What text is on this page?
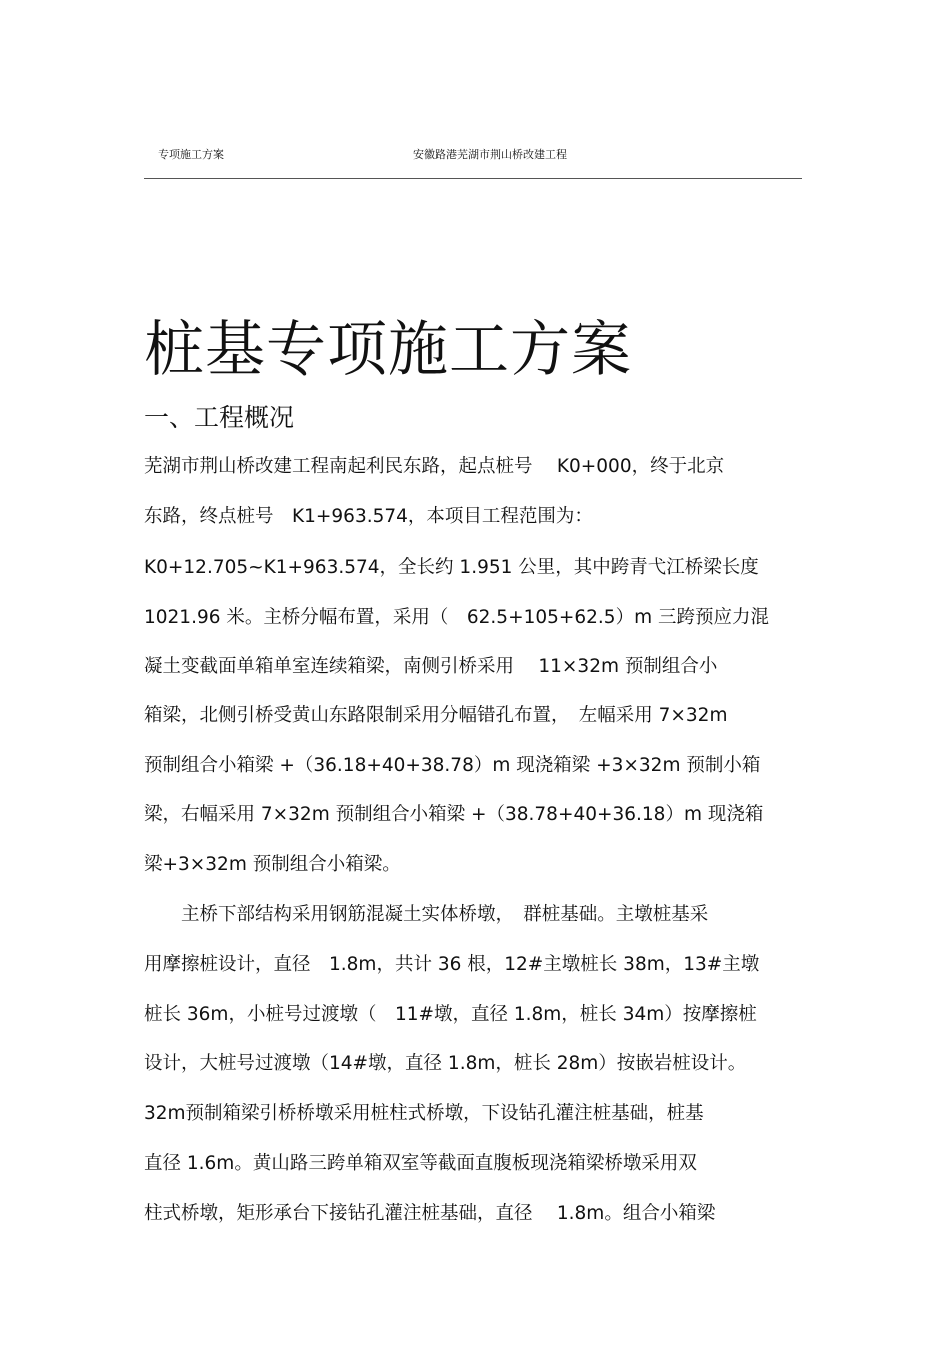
专项施工方案	安徽路港芜湖市荆山桥改建工程
桩基专项施工方案
一、工程概况
芜湖市荆山桥改建工程南起利民东路，起点桩号　 K0+000，终于北京
东路，终点桩号　K1+963.574，本项目工程范围为：
K0+12.705~K1+963.574，全长约 1.951 公里，其中跨青弋江桥梁长度
1021.96 米。主桥分幅布置，采用（　62.5+105+62.5）m 三跨预应力混
凝土变截面单箱单室连续箱梁，南侧引桥采用　 11×32m 预制组合小
箱梁，北侧引桥受黄山东路限制采用分幅错孔布置，　左幅采用 7×32m
预制组合小箱梁 +（36.18+40+38.78）m 现浇箱梁 +3×32m 预制小箱
梁，右幅采用 7×32m 预制组合小箱梁 +（38.78+40+36.18）m 现浇箱
梁+3×32m 预制组合小箱梁。
　　主桥下部结构采用钢筋混凝土实体桥墩，　群桩基础。主墩桩基采
用摩擦桩设计，直径　1.8m，共计 36 根，12#主墩桩长 38m，13#主墩
桩长 36m，小桩号过渡墩（　11#墩，直径 1.8m，桩长 34m）按摩擦桩
设计，大桩号过渡墩（14#墩，直径 1.8m，桩长 28m）按嵌岩桩设计。
32m预制箱梁引桥桥墩采用桩柱式桥墩，下设钻孔灌注桩基础，桩基
直径 1.6m。黄山路三跨单箱双室等截面直腹板现浇箱梁桥墩采用双
柱式桥墩，矩形承台下接钻孔灌注桩基础，直径　 1.8m。组合小箱梁
